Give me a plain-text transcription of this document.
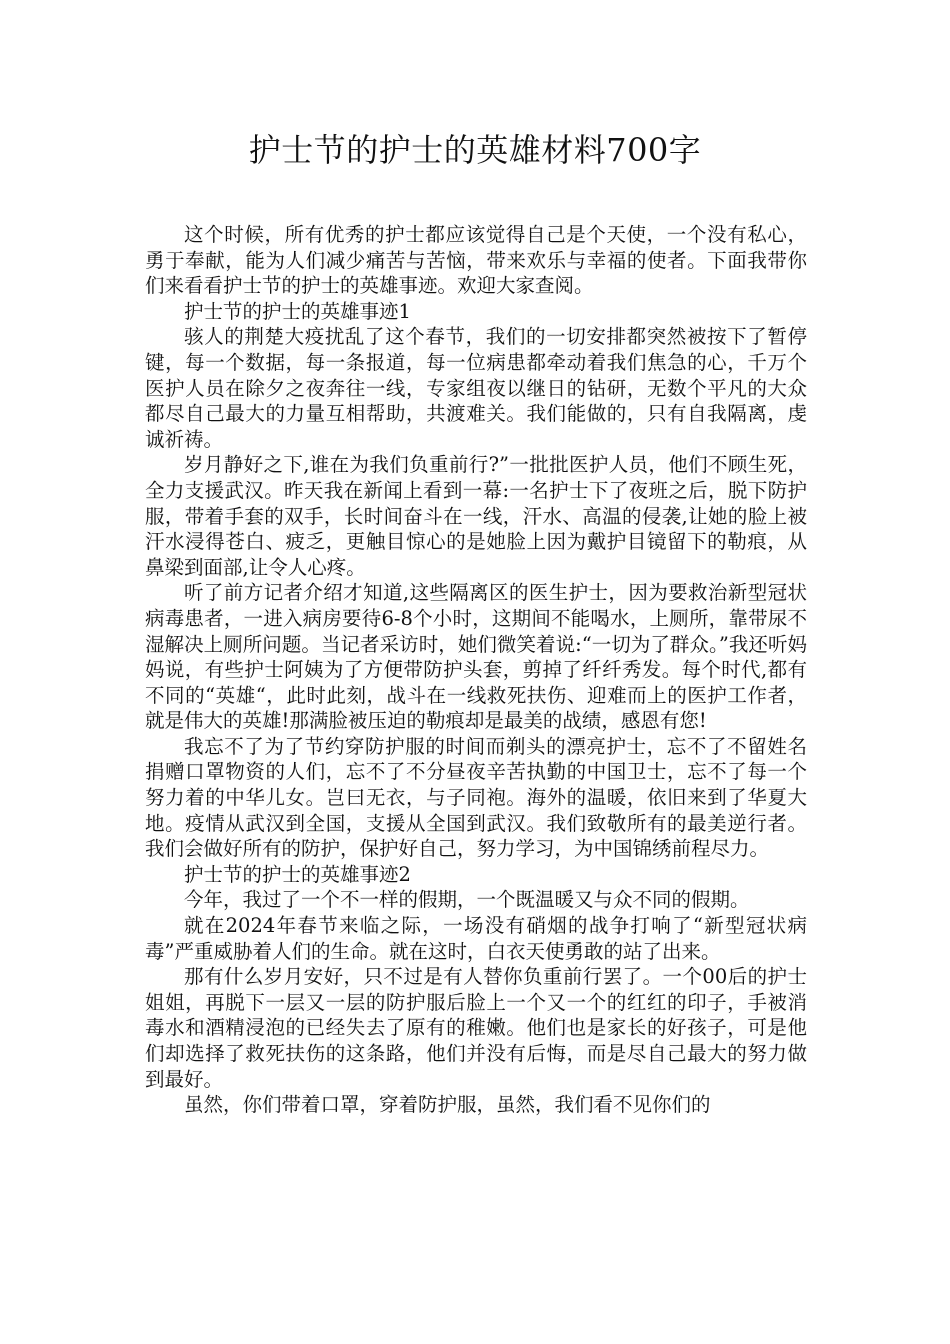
护士节的护士的英雄材料700字

这个时候，所有优秀的护士都应该觉得自己是个天使，一个没有私心，勇于奉献，能为人们减少痛苦与苦恼，带来欢乐与幸福的使者。下面我带你们来看看护士节的护士的英雄事迹。欢迎大家查阅。

护士节的护士的英雄事迹1

骇人的荆楚大疫扰乱了这个春节，我们的一切安排都突然被按下了暂停键，每一个数据，每一条报道，每一位病患都牵动着我们焦急的心，千万个医护人员在除夕之夜奔往一线，专家组夜以继日的钻研，无数个平凡的大众都尽自己最大的力量互相帮助，共渡难关。我们能做的，只有自我隔离，虔诚祈祷。

岁月静好之下,谁在为我们负重前行?”一批批医护人员，他们不顾生死，全力支援武汉。昨天我在新闻上看到一幕:一名护士下了夜班之后，脱下防护服，带着手套的双手，长时间奋斗在一线，汗水、高温的侵袭,让她的脸上被汗水浸得苍白、疲乏，更触目惊心的是她脸上因为戴护目镜留下的勒痕，从鼻梁到面部,让令人心疼。

听了前方记者介绍才知道,这些隔离区的医生护士，因为要救治新型冠状病毒患者，一进入病房要待6-8个小时，这期间不能喝水，上厕所，靠带尿不湿解决上厕所问题。当记者采访时，她们微笑着说:“一切为了群众。”我还听妈妈说，有些护士阿姨为了方便带防护头套，剪掉了纤纤秀发。每个时代,都有不同的“英雄“，此时此刻，战斗在一线救死扶伤、迎难而上的医护工作者，就是伟大的英雄!那满脸被压迫的勒痕却是最美的战绩，感恩有您!

我忘不了为了节约穿防护服的时间而剃头的漂亮护士，忘不了不留姓名捐赠口罩物资的人们，忘不了不分昼夜辛苦执勤的中国卫士，忘不了每一个努力着的中华儿女。岂曰无衣，与子同袍。海外的温暖，依旧来到了华夏大地。疫情从武汉到全国，支援从全国到武汉。我们致敬所有的最美逆行者。我们会做好所有的防护，保护好自己，努力学习，为中国锦绣前程尽力。

护士节的护士的英雄事迹2

今年，我过了一个不一样的假期，一个既温暖又与众不同的假期。

就在2024年春节来临之际，一场没有硝烟的战争打响了“新型冠状病毒”严重威胁着人们的生命。就在这时，白衣天使勇敢的站了出来。

那有什么岁月安好，只不过是有人替你负重前行罢了。一个00后的护士姐姐，再脱下一层又一层的防护服后脸上一个又一个的红红的印子，手被消毒水和酒精浸泡的已经失去了原有的稚嫩。他们也是家长的好孩子，可是他们却选择了救死扶伤的这条路，他们并没有后悔，而是尽自己最大的努力做到最好。

虽然，你们带着口罩，穿着防护服，虽然，我们看不见你们的
